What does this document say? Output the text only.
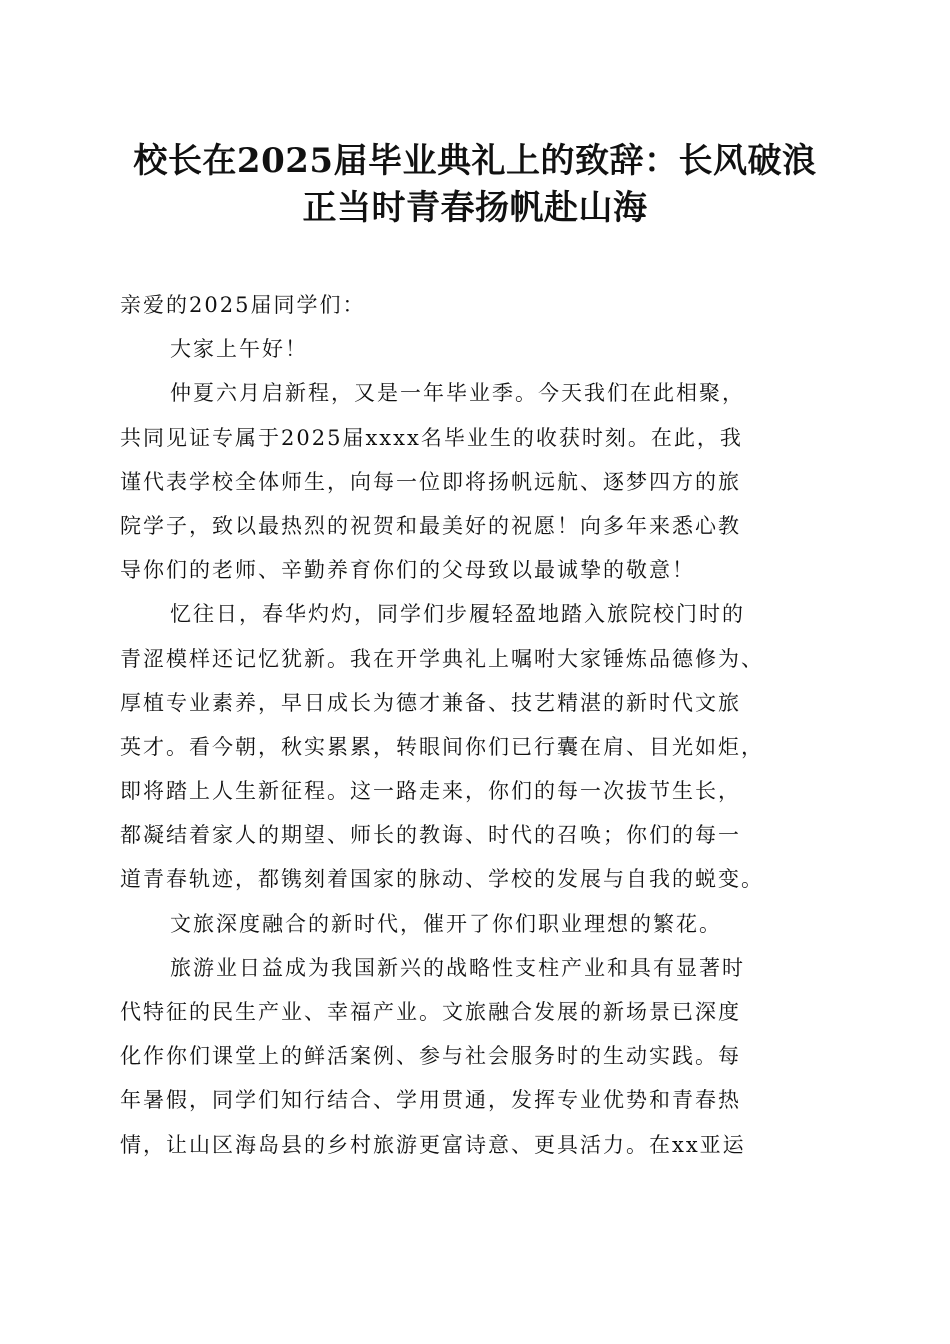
校长在2025届毕业典礼上的致辞：长风破浪
正当时青春扬帆赴山海
亲爱的2025届同学们：
大家上午好！
仲夏六月启新程，又是一年毕业季。今天我们在此相聚，
共同见证专属于2025届xxxx名毕业生的收获时刻。在此，我
谨代表学校全体师生，向每一位即将扬帆远航、逐梦四方的旅
院学子，致以最热烈的祝贺和最美好的祝愿！向多年来悉心教
导你们的老师、辛勤养育你们的父母致以最诚挚的敬意！
忆往日，春华灼灼，同学们步履轻盈地踏入旅院校门时的
青涩模样还记忆犹新。我在开学典礼上嘱咐大家锤炼品德修为、
厚植专业素养，早日成长为德才兼备、技艺精湛的新时代文旅
英才。看今朝，秋实累累，转眼间你们已行囊在肩、目光如炬，
即将踏上人生新征程。这一路走来，你们的每一次拔节生长，
都凝结着家人的期望、师长的教诲、时代的召唤；你们的每一
道青春轨迹，都镌刻着国家的脉动、学校的发展与自我的蜕变。
文旅深度融合的新时代，催开了你们职业理想的繁花。
旅游业日益成为我国新兴的战略性支柱产业和具有显著时
代特征的民生产业、幸福产业。文旅融合发展的新场景已深度
化作你们课堂上的鲜活案例、参与社会服务时的生动实践。每
年暑假，同学们知行结合、学用贯通，发挥专业优势和青春热
情，让山区海岛县的乡村旅游更富诗意、更具活力。在xx亚运
